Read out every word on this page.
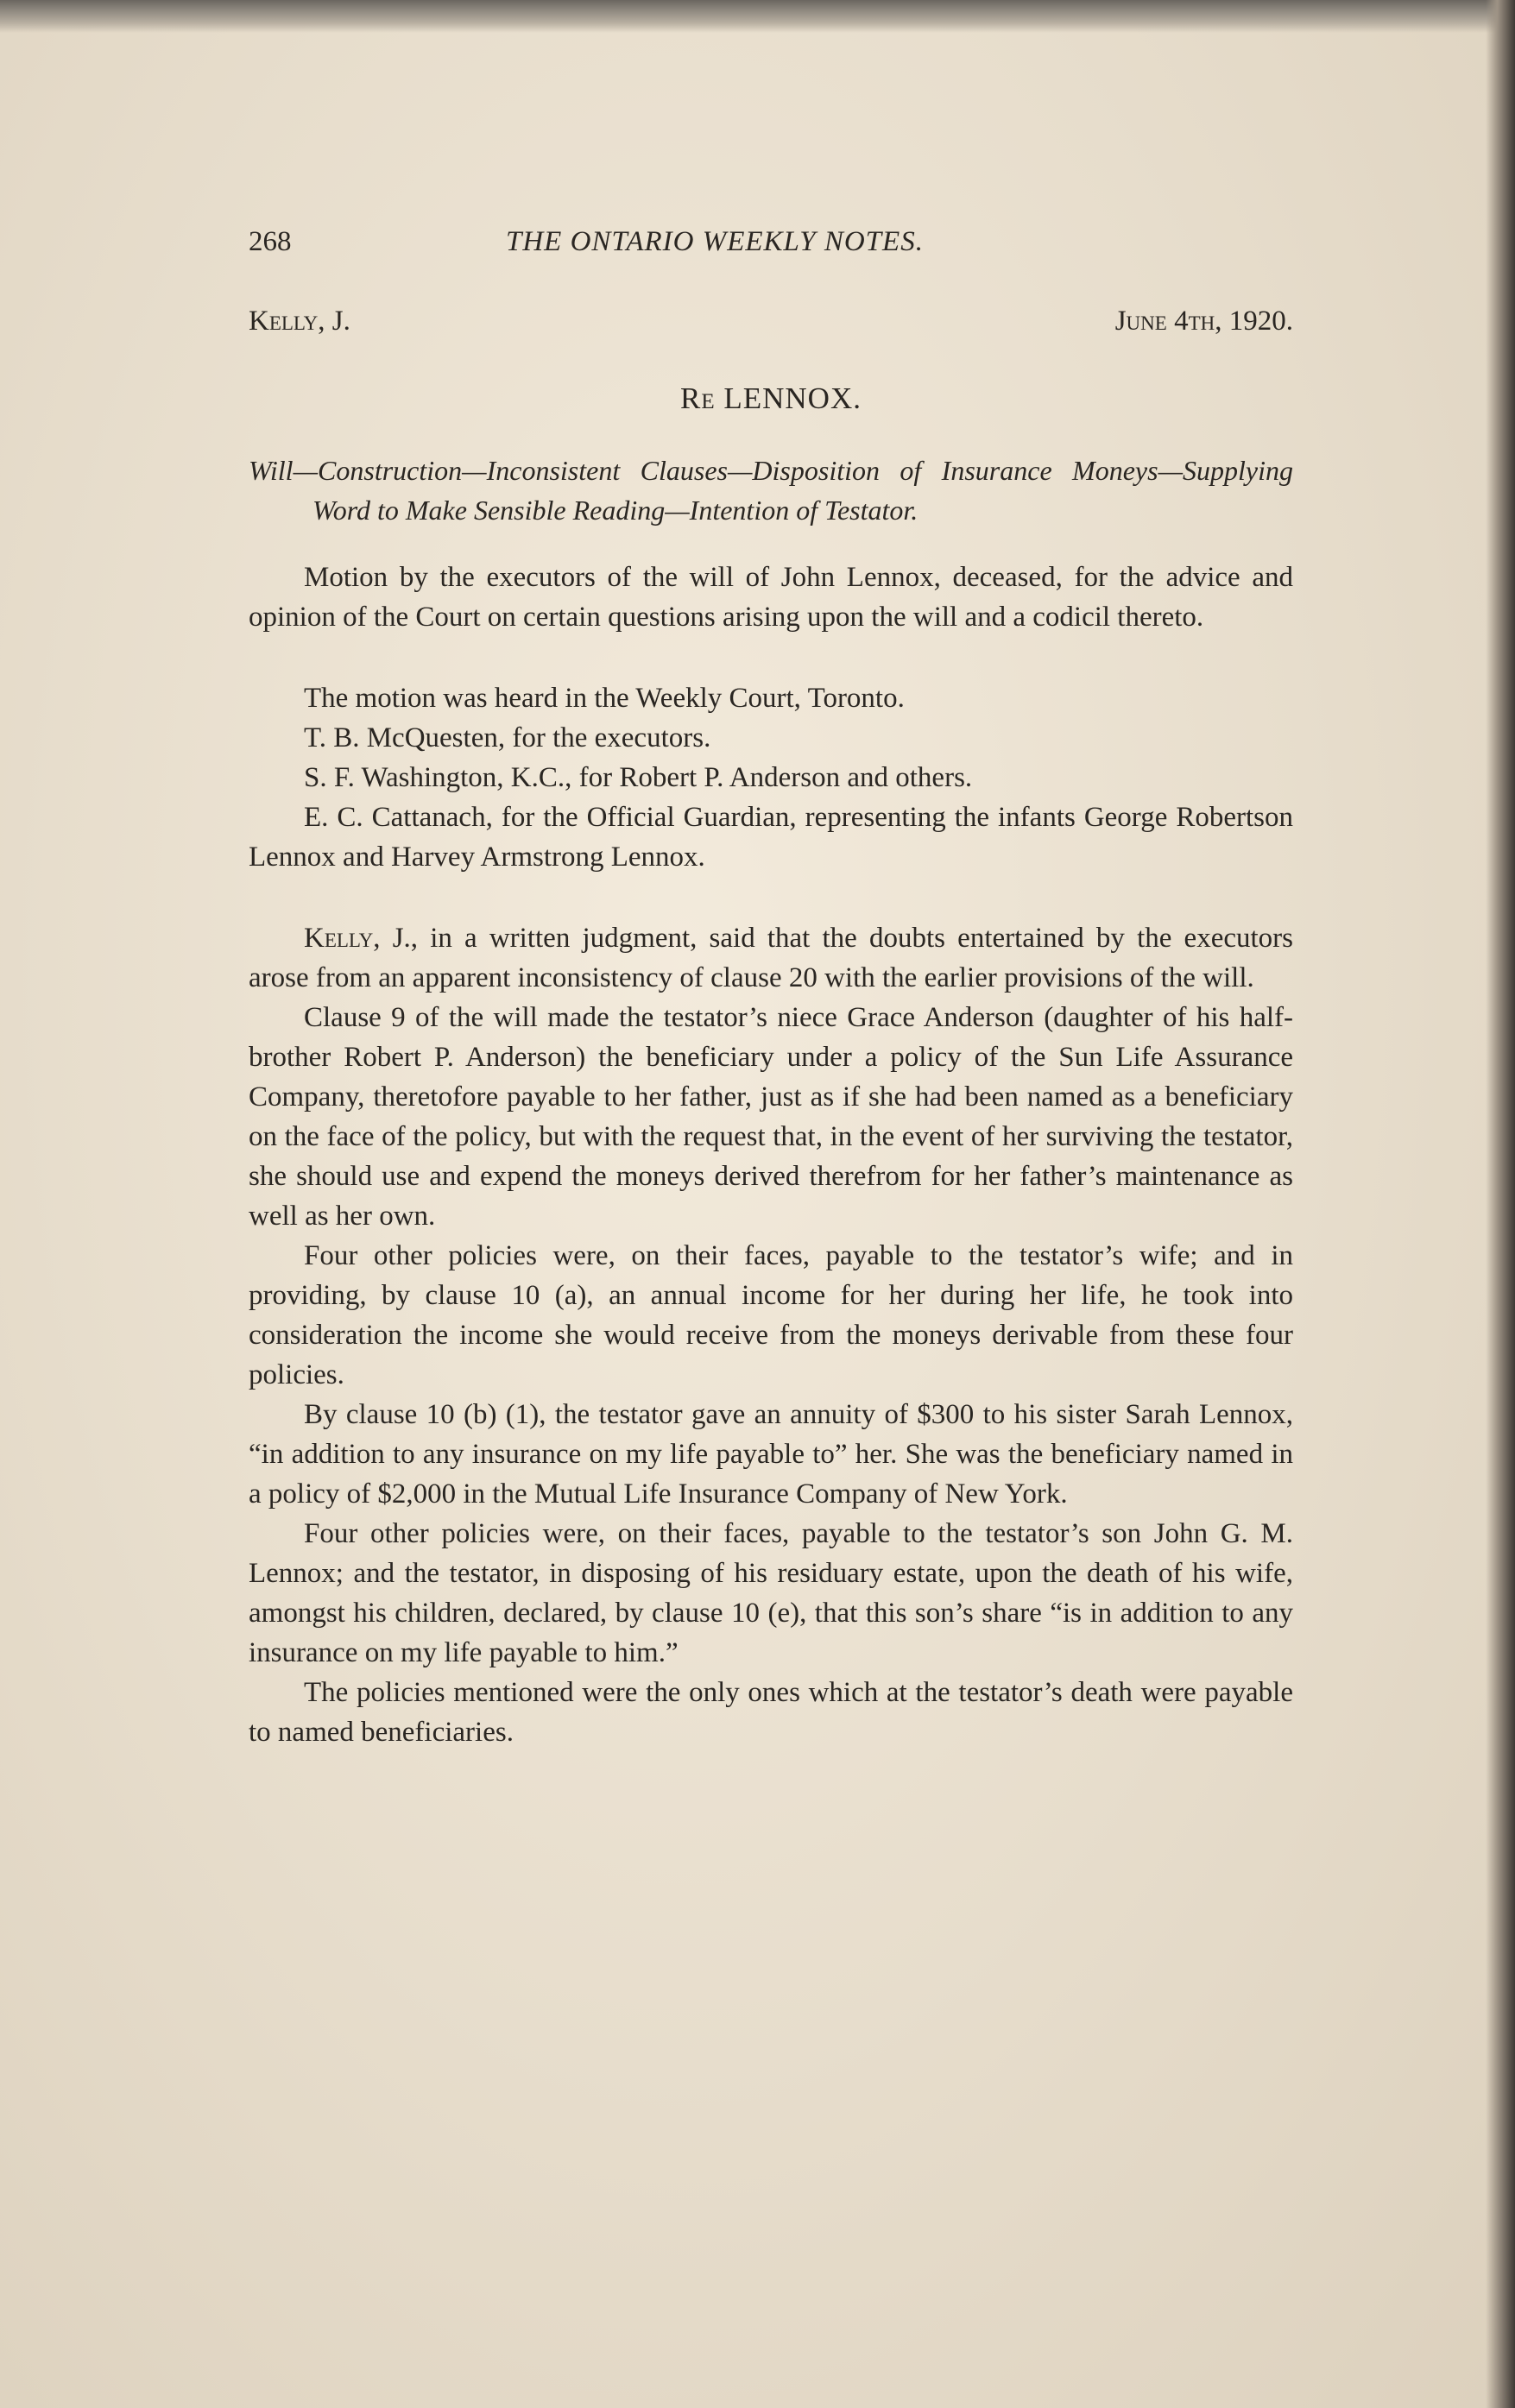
268	THE ONTARIO WEEKLY NOTES.
Kelly, J.	June 4th, 1920.
Re LENNOX.

Will—Construction—Inconsistent Clauses—Disposition of Insurance Moneys—Supplying Word to Make Sensible Reading—Intention of Testator.

Motion by the executors of the will of John Lennox, deceased, for the advice and opinion of the Court on certain questions arising upon the will and a codicil thereto.

The motion was heard in the Weekly Court, Toronto.

T. B. McQuesten, for the executors.

S. F. Washington, K.C., for Robert P. Anderson and others.

E. C. Cattanach, for the Official Guardian, representing the infants George Robertson Lennox and Harvey Armstrong Lennox.

Kelly, J., in a written judgment, said that the doubts entertained by the executors arose from an apparent inconsistency of clause 20 with the earlier provisions of the will.

Clause 9 of the will made the testator’s niece Grace Anderson (daughter of his half-brother Robert P. Anderson) the beneficiary under a policy of the Sun Life Assurance Company, theretofore payable to her father, just as if she had been named as a beneficiary on the face of the policy, but with the request that, in the event of her surviving the testator, she should use and expend the moneys derived therefrom for her father’s maintenance as well as her own.

Four other policies were, on their faces, payable to the testator’s wife; and in providing, by clause 10 (a), an annual income for her during her life, he took into consideration the income she would receive from the moneys derivable from these four policies.

By clause 10 (b) (1), the testator gave an annuity of $300 to his sister Sarah Lennox, “in addition to any insurance on my life payable to” her. She was the beneficiary named in a policy of $2,000 in the Mutual Life Insurance Company of New York.

Four other policies were, on their faces, payable to the testator’s son John G. M. Lennox; and the testator, in disposing of his residuary estate, upon the death of his wife, amongst his children, declared, by clause 10 (e), that this son’s share “is in addition to any insurance on my life payable to him.”

The policies mentioned were the only ones which at the testator’s death were payable to named beneficiaries.
